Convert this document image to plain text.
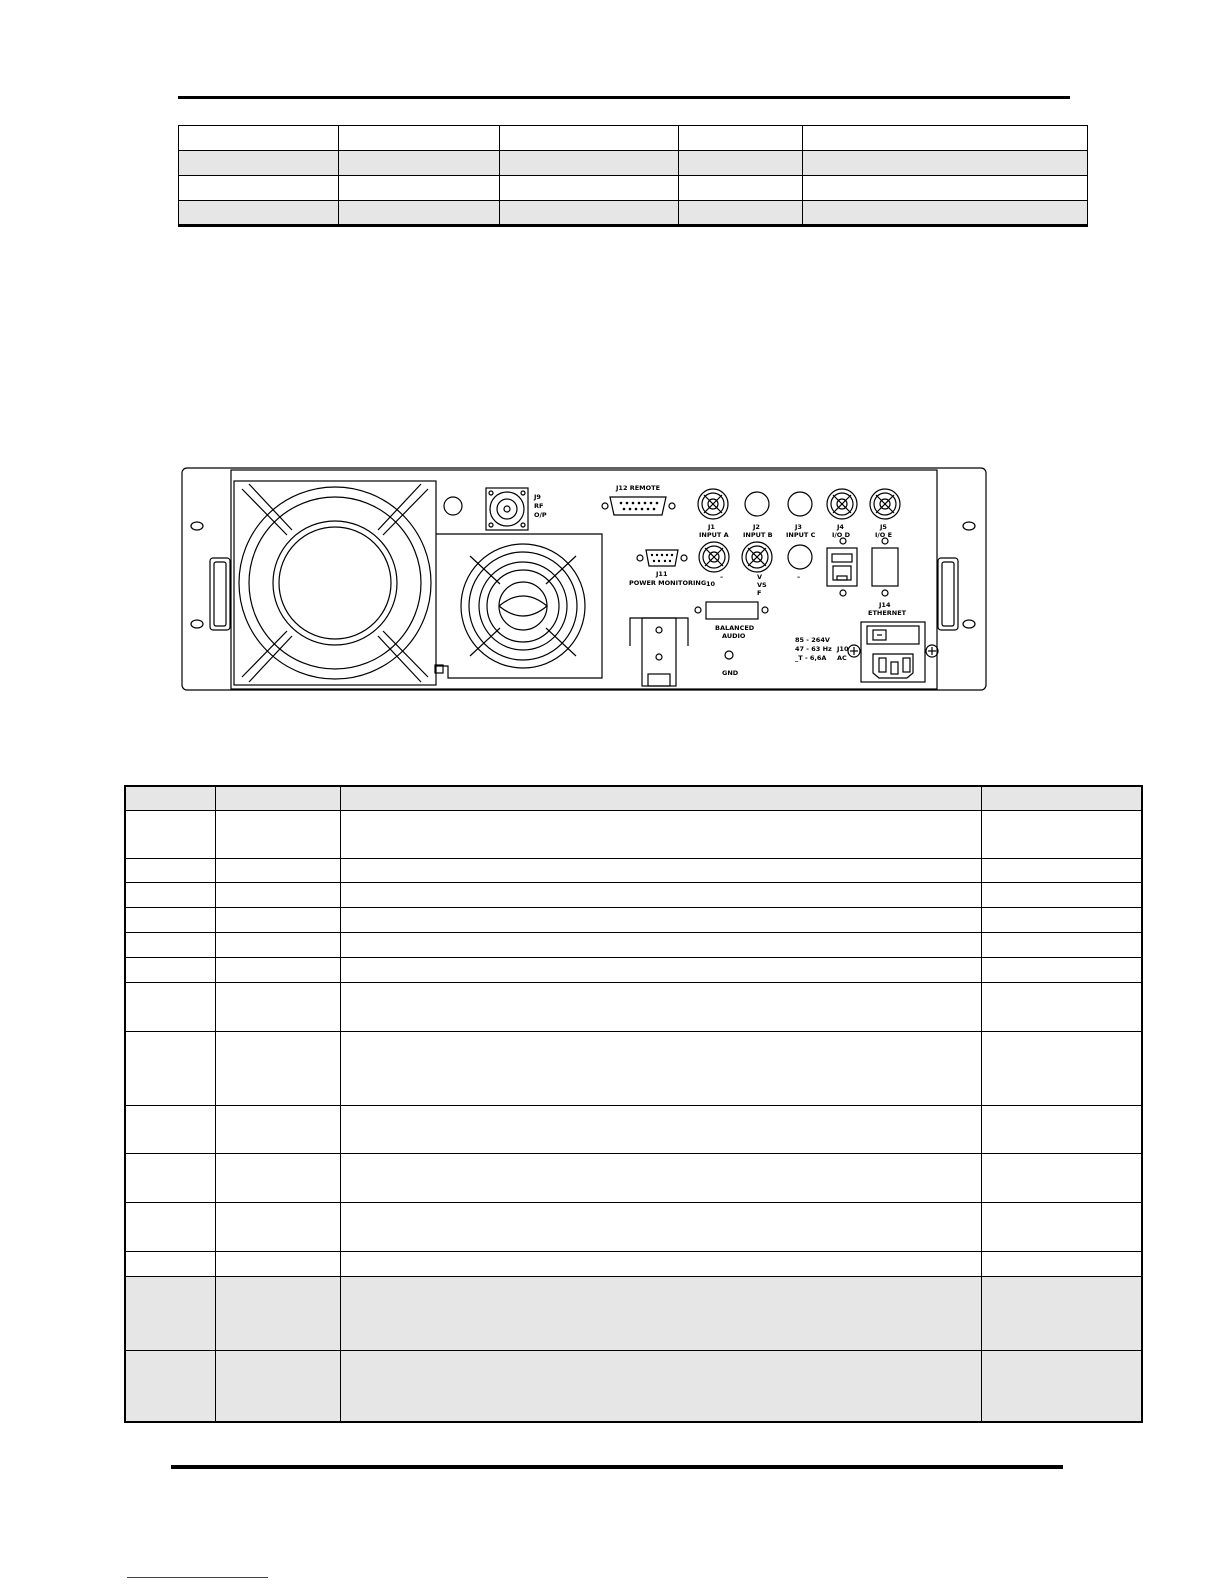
J9
RF
O/P
J12 REMOTE
J11
POWER MONITORING
J1
INPUT A
J2
INPUT B
J3
INPUT C
J4
I/O D
J5
I/O E
10
–	V
VS
F
–
J14
ETHERNET
BALANCED
AUDIO
GND
85 - 264V
47 - 63 Hz
_T - 6,6A
J10
AC
